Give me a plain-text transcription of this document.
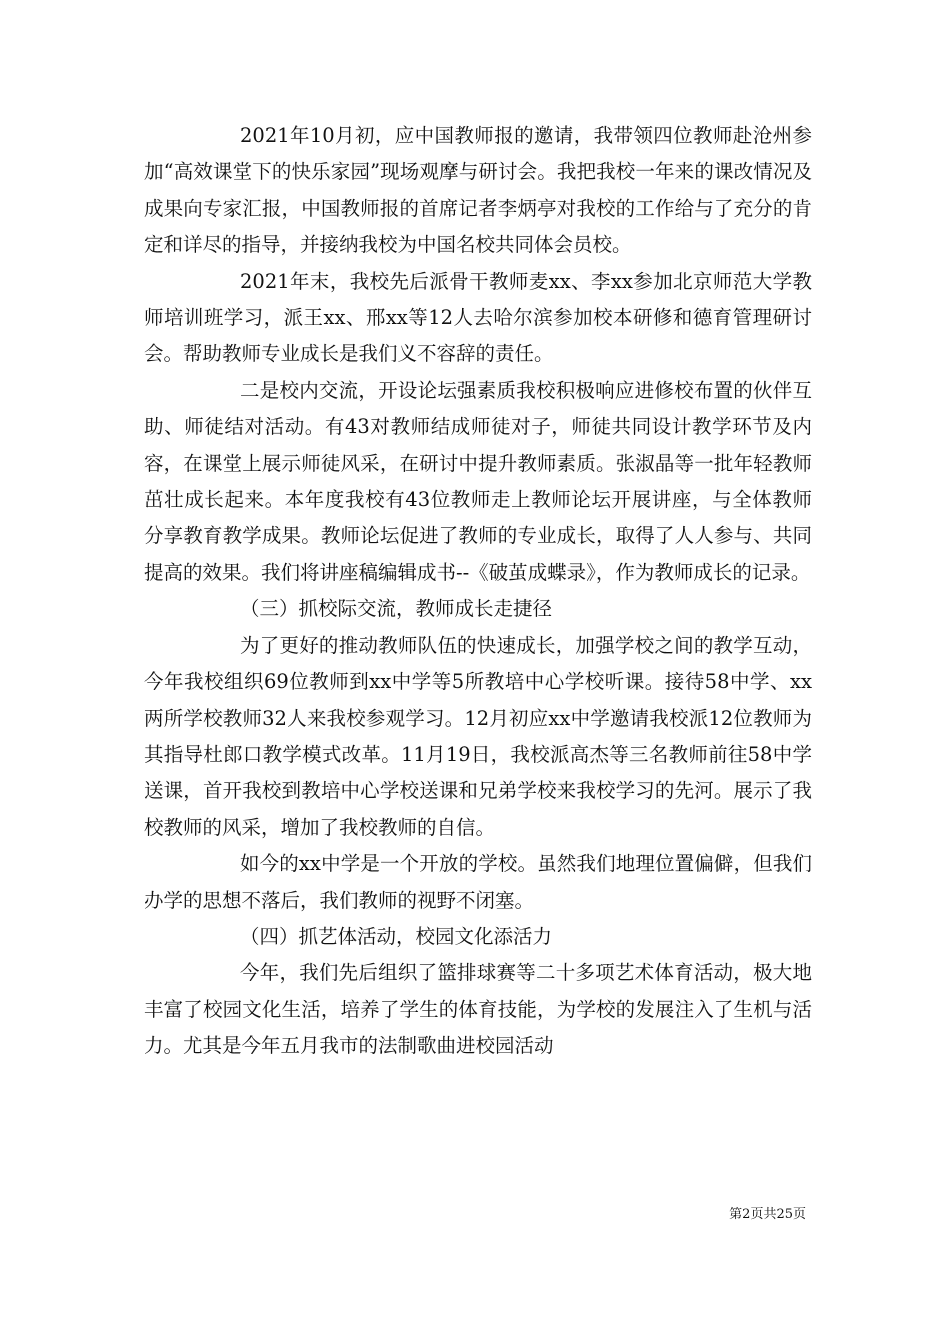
2021年10月初，应中国教师报的邀请，我带领四位教师赴沧州参加“高效课堂下的快乐家园”现场观摩与研讨会。我把我校一年来的课改情况及成果向专家汇报，中国教师报的首席记者李炳亭对我校的工作给与了充分的肯定和详尽的指导，并接纳我校为中国名校共同体会员校。

2021年末，我校先后派骨干教师麦xx、李xx参加北京师范大学教师培训班学习，派王xx、邢xx等12人去哈尔滨参加校本研修和德育管理研讨会。帮助教师专业成长是我们义不容辞的责任。

二是校内交流，开设论坛强素质我校积极响应进修校布置的伙伴互助、师徒结对活动。有43对教师结成师徒对子，师徒共同设计教学环节及内容，在课堂上展示师徒风采，在研讨中提升教师素质。张淑晶等一批年轻教师茁壮成长起来。本年度我校有43位教师走上教师论坛开展讲座，与全体教师分享教育教学成果。教师论坛促进了教师的专业成长，取得了人人参与、共同提高的效果。我们将讲座稿编辑成书--《破茧成蝶录》，作为教师成长的记录。

（三）抓校际交流，教师成长走捷径

为了更好的推动教师队伍的快速成长，加强学校之间的教学互动，今年我校组织69位教师到xx中学等5所教培中心学校听课。接待58中学、xx两所学校教师32人来我校参观学习。12月初应xx中学邀请我校派12位教师为其指导杜郎口教学模式改革。11月19日，我校派高杰等三名教师前往58中学送课，首开我校到教培中心学校送课和兄弟学校来我校学习的先河。展示了我校教师的风采，增加了我校教师的自信。

如今的xx中学是一个开放的学校。虽然我们地理位置偏僻，但我们办学的思想不落后，我们教师的视野不闭塞。

（四）抓艺体活动，校园文化添活力

今年，我们先后组织了篮排球赛等二十多项艺术体育活动，极大地丰富了校园文化生活，培养了学生的体育技能，为学校的发展注入了生机与活力。尤其是今年五月我市的法制歌曲进校园活动

第2页共25页
